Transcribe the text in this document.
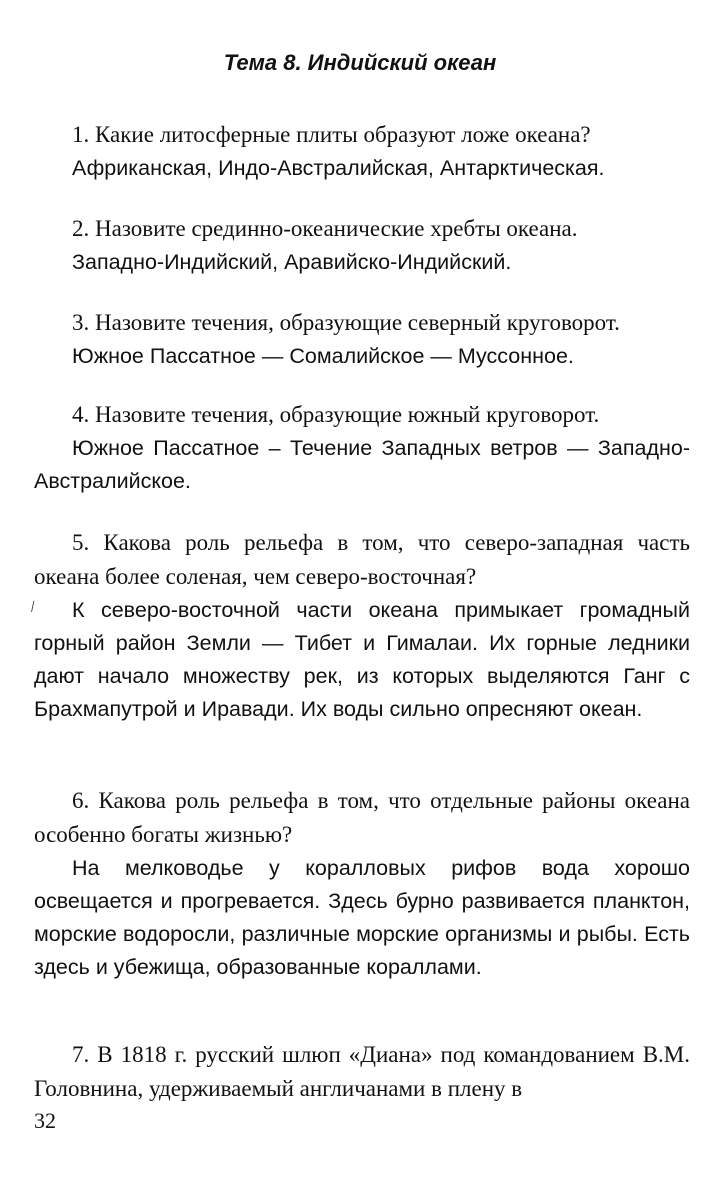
Тема 8. Индийский океан

1. Какие литосферные плиты образуют ложе океана?

Африканская, Индо-Австралийская, Антарктическая.

2. Назовите срединно-океанические хребты океана.

Западно-Индийский, Аравийско-Индийский.

3. Назовите течения, образующие северный круговорот.

Южное Пассатное — Сомалийское — Муссонное.

4. Назовите течения, образующие южный круговорот.

Южное Пассатное – Течение Западных ветров — Западно-Австралийское.

5. Какова роль рельефа в том, что северо-западная часть океана более соленая, чем северо-восточная?

К северо-восточной части океана примыкает громадный горный район Земли — Тибет и Гималаи. Их горные ледники дают начало множеству рек, из которых выделяются Ганг с Брахмапутрой и Иравади. Их воды сильно опресняют океан.

⁄

6. Какова роль рельефа в том, что отдельные районы океана особенно богаты жизнью?

На мелководье у коралловых рифов вода хорошо освещается и прогревается. Здесь бурно развивается планктон, морские водоросли, различные морские организмы и рыбы. Есть здесь и убежища, образованные кораллами.

7. В 1818 г. русский шлюп «Диана» под командованием В.М. Головнина, удерживаемый англичанами в плену в

32
